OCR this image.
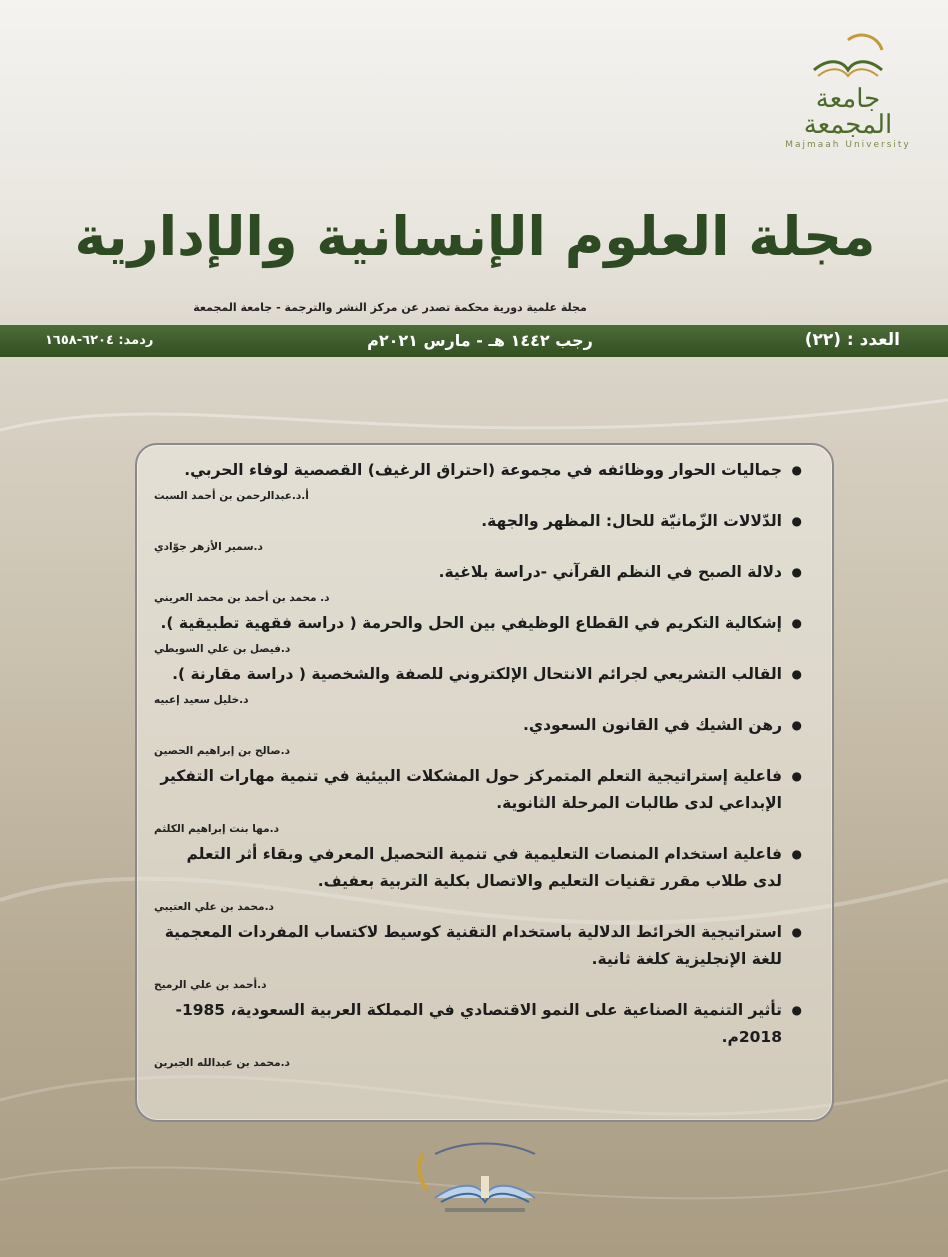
جامعة المجمعة
Majmaah University
مجلة العلوم الإنسانية والإدارية
مجلة علمية دورية محكمة تصدر عن مركز النشر والترجمة - جامعة المجمعة
العدد : (٢٢)
رجب ١٤٤٢ هـ - مارس ٢٠٢١م
ردمد: ٦٢٠٤-١٦٥٨
● جماليات الحوار ووظائفه في مجموعة (احتراق الرغيف) القصصية لوفاء الحربي.
أ.د.عبدالرحمن بن أحمد السبت
● الدّلالات الزّمانيّة للحال: المظهر والجهة.
د.سمير الأزهر جوّادي
● دلالة الصبح في النظم القرآني -دراسة بلاغية.
د. محمد بن أحمد بن محمد العريني
● إشكالية التكريم في القطاع الوظيفي بين الحل والحرمة ( دراسة فقهية تطبيقية ).
د.فيصل بن علي السويطي
● القالب التشريعي لجرائم الانتحال الإلكتروني للصفة والشخصية ( دراسة مقارنة ).
د.خليل سعيد إعبيه
● رهن الشيك في القانون السعودي.
د.صالح بن إبراهيم الحصين
● فاعلية إستراتيجية التعلم المتمركز حول المشكلات البيئية في تنمية مهارات التفكير الإبداعي لدى طالبات المرحلة الثانوية.
د.مها بنت إبراهيم الكلثم
● فاعلية استخدام المنصات التعليمية في تنمية التحصيل المعرفي وبقاء أثر التعلم لدى طلاب مقرر تقنيات التعليم والاتصال بكلية التربية بعفيف.
د.محمد بن علي العتيبي
● استراتيجية الخرائط الدلالية باستخدام التقنية كوسيط لاكتساب المفردات المعجمية للغة الإنجليزية كلغة ثانية.
د.أحمد بن علي الرميح
● تأثير التنمية الصناعية على النمو الاقتصادي في المملكة العربية السعودية، 1985-2018م.
د.محمد بن عبدالله الجبرين
